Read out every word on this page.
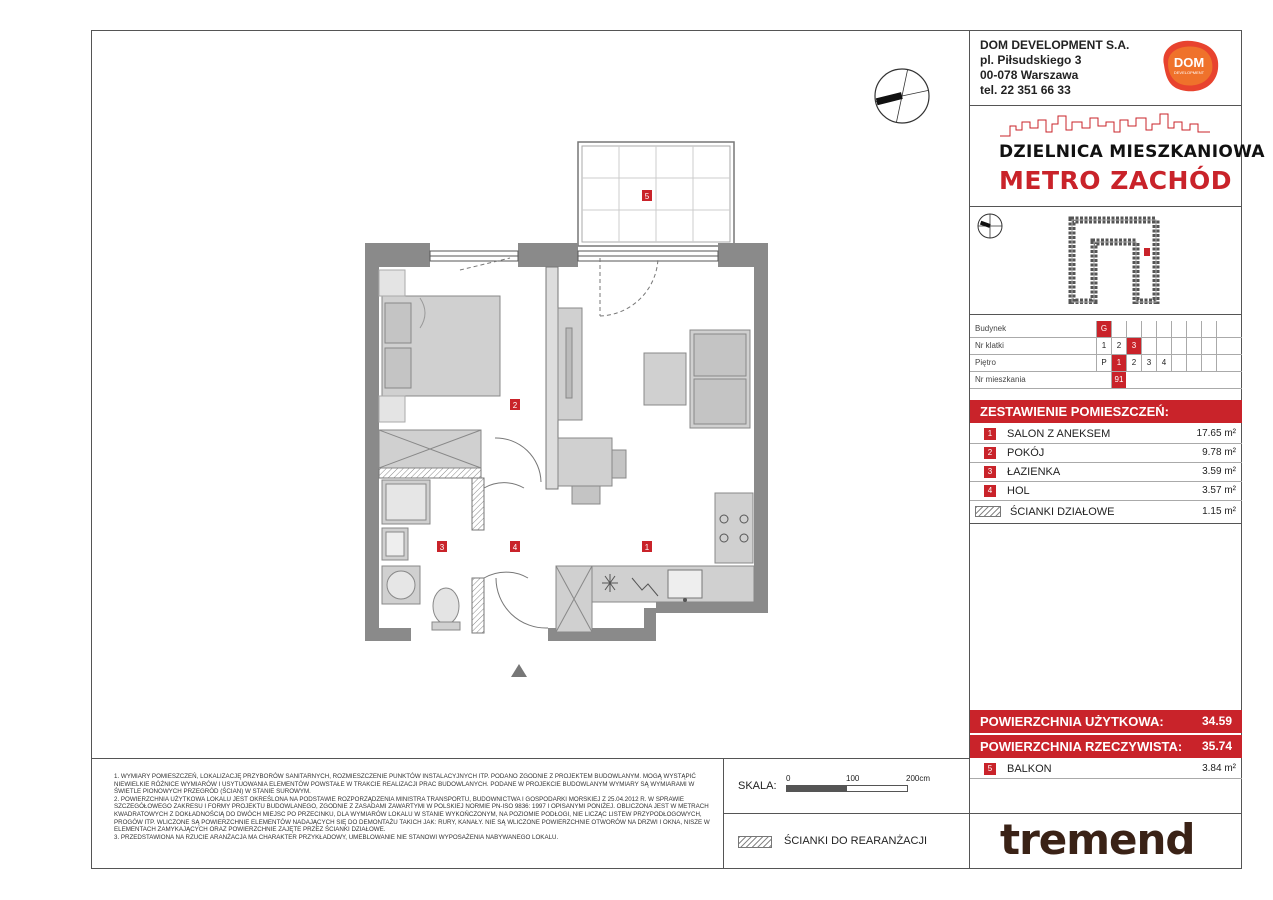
DOM DEVELOPMENT S.A.
pl. Piłsudskiego 3
00-078 Warszawa
tel. 22 351 66 33
DOM
DEVELOPMENT
DZIELNICA MIESZKANIOWA
METRO ZACHÓD
Budynek	G
Nr klatki	1	2	3
Piętro	P	1	2	3	4
Nr mieszkania	91
ZESTAWIENIE POMIESZCZEŃ:
1	SALON Z ANEKSEM	17.65 m²
2	POKÓJ	9.78 m²
3	ŁAZIENKA	3.59 m²
4	HOL	3.57 m²
ŚCIANKI DZIAŁOWE	1.15 m²
POWIERZCHNIA UŻYTKOWA:	34.59
POWIERZCHNIA RZECZYWISTA: 35.74
5	BALKON	3.84 m²

1. WYMIARY POMIESZCZEŃ, LOKALIZACJĘ PRZYBORÓW SANITARNYCH, ROZMIESZCZENIE PUNKTÓW INSTALACYJNYCH ITP. PODANO ZGODNIE Z PROJEKTEM BUDOWLANYM. MOGĄ WYSTĄPIĆ NIEWIELKIE RÓŻNICE WYMIARÓW I USYTUOWANIA ELEMENTÓW POWSTAŁE W TRAKCIE REALIZACJI PRAC BUDOWLANYCH. PODANE W PROJEKCIE BUDOWLANYM WYMIARY SĄ WYMIARAMI W ŚWIETLE PIONOWYCH PRZEGRÓD (ŚCIAN) W STANIE SUROWYM.

2. POWIERZCHNIA UŻYTKOWA LOKALU JEST OKREŚLONA NA PODSTAWIE ROZPORZĄDZENIA MINISTRA TRANSPORTU, BUDOWNICTWA I GOSPODARKI MORSKIEJ Z 25.04.2012 R. W SPRAWIE SZCZEGÓŁOWEGO ZAKRESU I FORMY PROJEKTU BUDOWLANEGO, ZGODNIE Z ZASADAMI ZAWARTYMI W POLSKIEJ NORMIE PN-ISO 9836: 1997 I OPISANYMI PONIŻEJ. OBLICZONA JEST W METRACH KWADRATOWYCH Z DOKŁADNOŚCIĄ DO DWÓCH MIEJSC PO PRZECINKU, DLA WYMIARÓW LOKALU W STANIE WYKOŃCZONYM, NA POZIOMIE PODŁOGI, NIE LICZĄC LISTEW PRZYPODŁOGOWYCH, PROGÓW ITP. WLICZONE SĄ POWIERZCHNIE ELEMENTÓW NADAJĄCYCH SIĘ DO DEMONTAŻU TAKICH JAK: RURY, KANAŁY. NIE SĄ WLICZONE POWIERZCHNIE OTWORÓW NA DRZWI I OKNA, NISZE W ELEMENTACH ZAMYKAJĄCYCH ORAZ POWIERZCHNIE ZAJĘTE PRZEZ ŚCIANKI DZIAŁOWE.

3. PRZEDSTAWIONA NA RZUCIE ARANŻACJA MA CHARAKTER PRZYKŁADOWY, UMEBLOWANIE NIE STANOWI WYPOSAŻENIA NABYWANEGO LOKALU.

SKALA:
0	100	200cm
ŚCIANKI DO REARANŻACJI tremend
5
2
3	4	1
